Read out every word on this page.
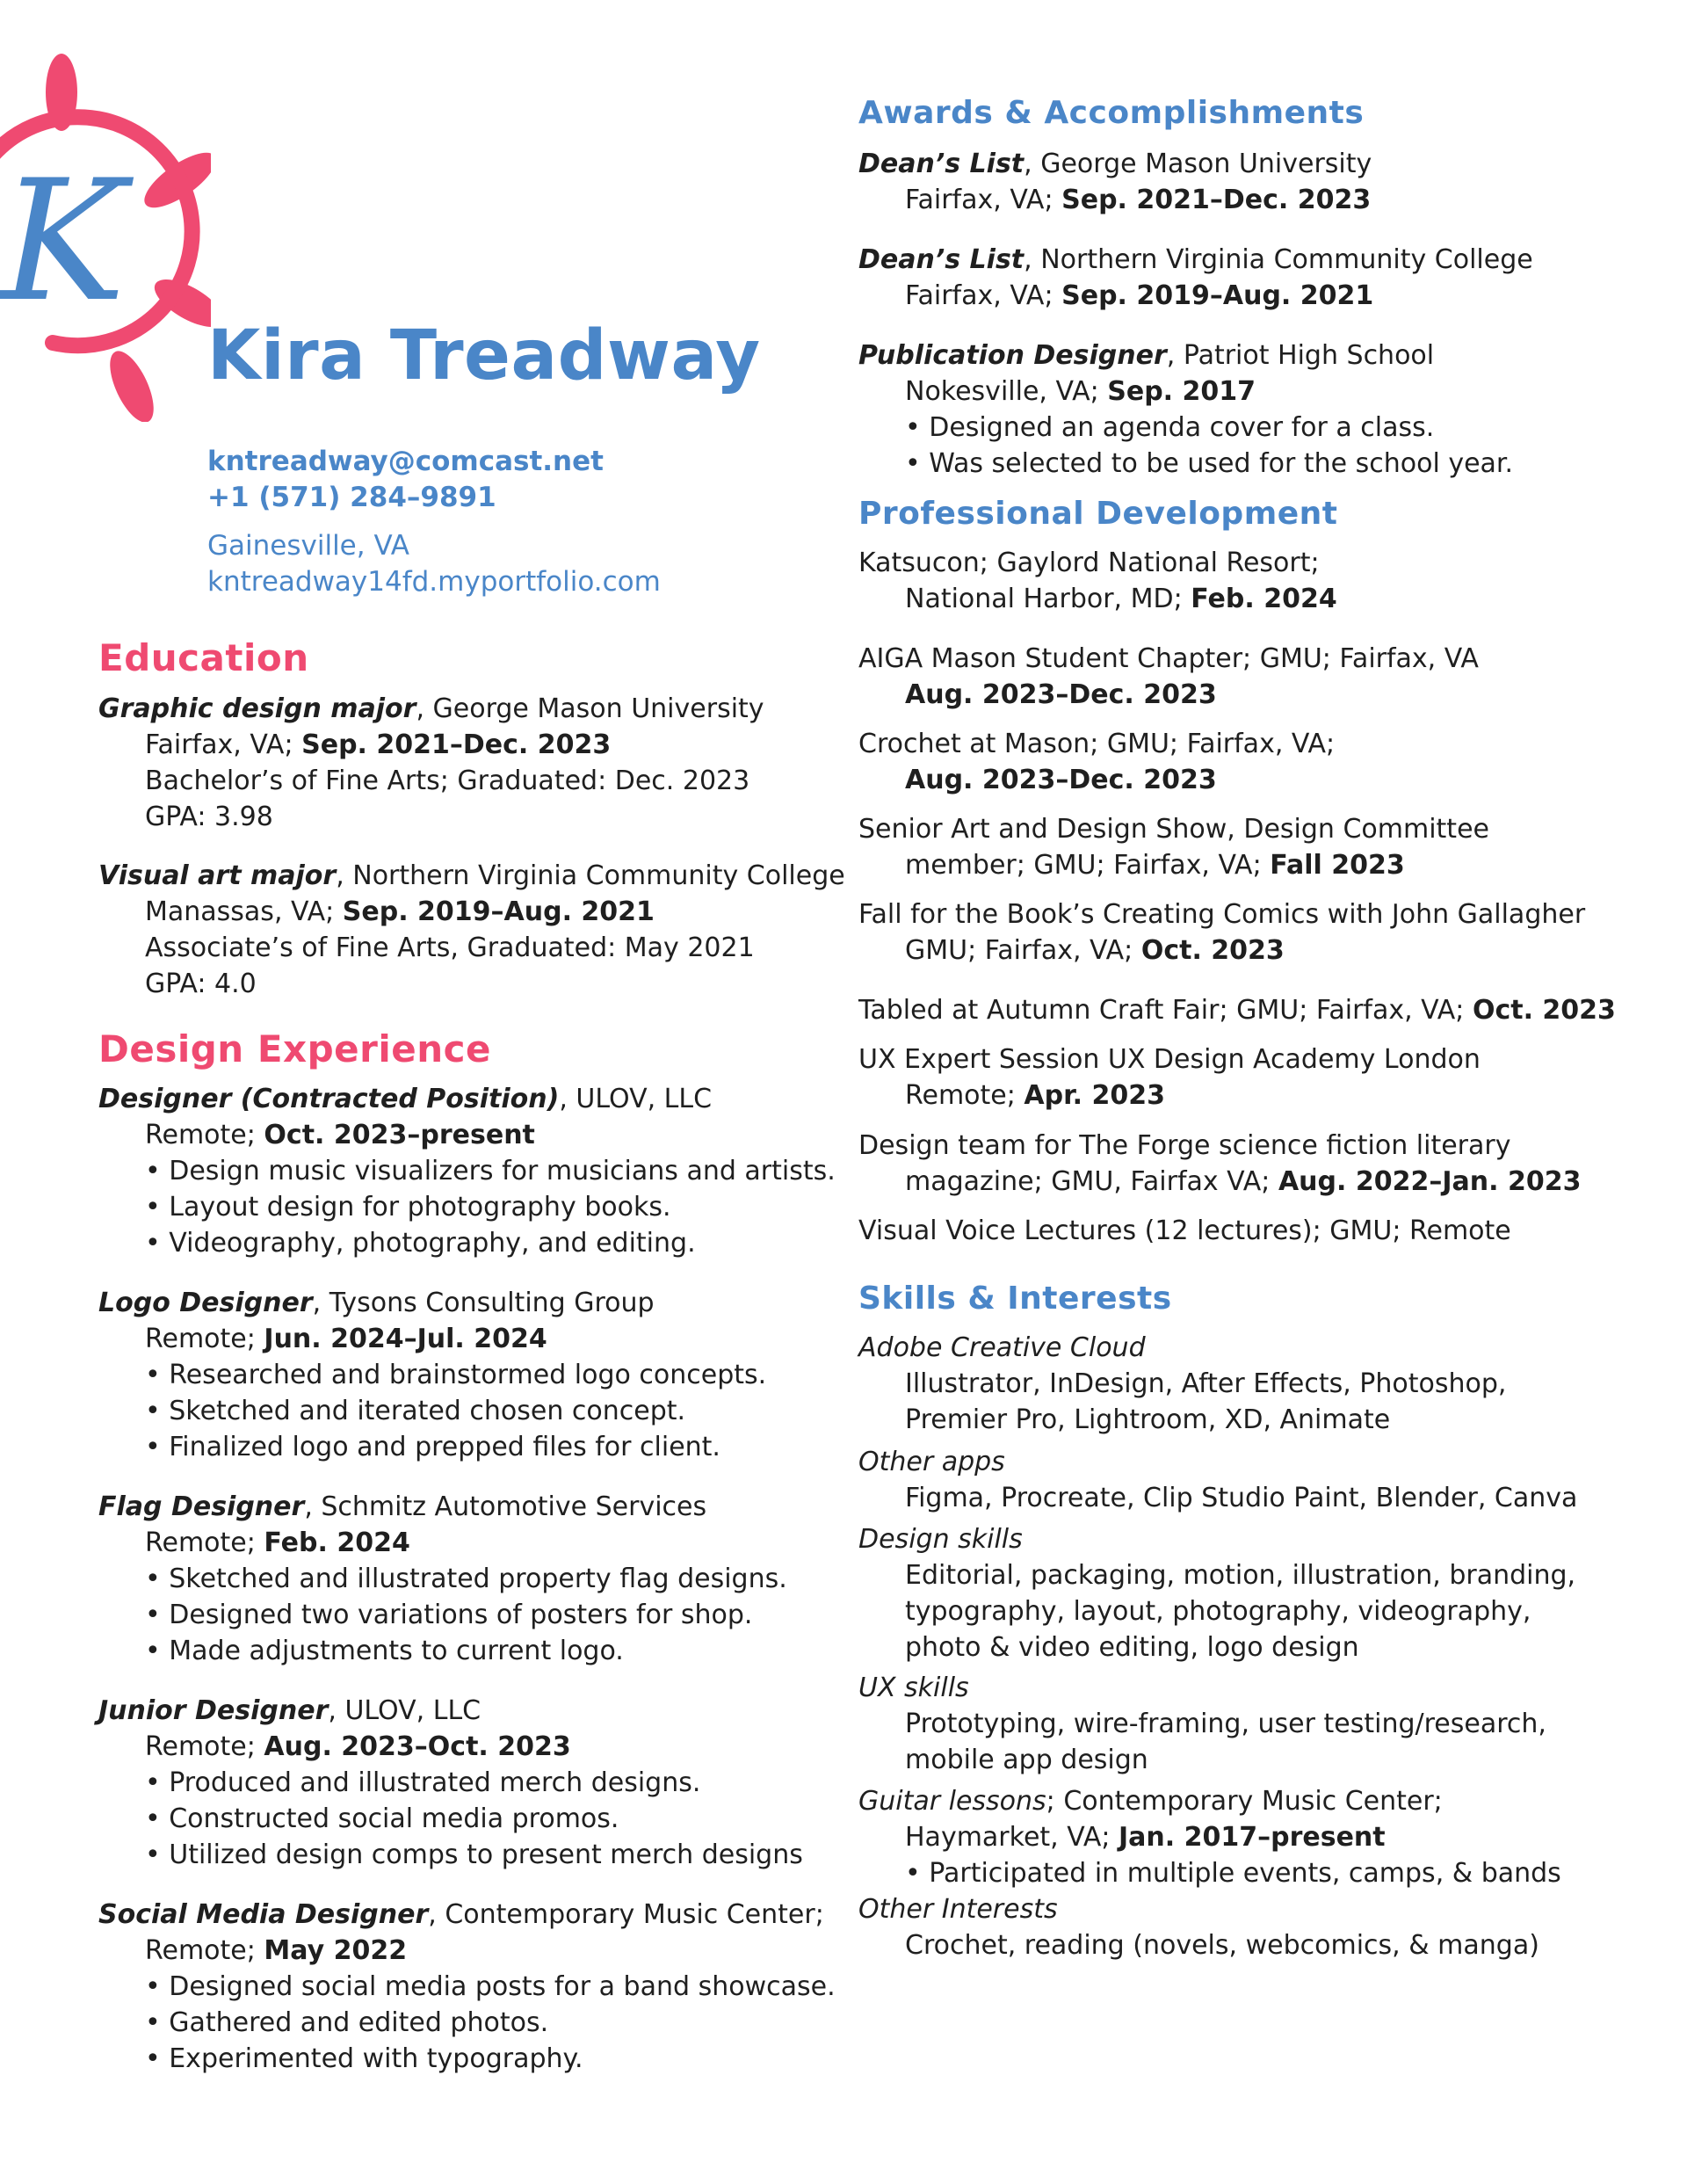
K
Kira Treadway
kntreadway@comcast.net
+1 (571) 284–9891
Gainesville, VA
kntreadway14fd.myportfolio.com
Education
Graphic design major, George Mason University
Fairfax, VA; Sep. 2021–Dec. 2023
Bachelor’s of Fine Arts; Graduated: Dec. 2023
GPA: 3.98
Visual art major, Northern Virginia Community College
Manassas, VA; Sep. 2019–Aug. 2021
Associate’s of Fine Arts, Graduated: May 2021
GPA: 4.0
Design Experience
Designer (Contracted Position), ULOV, LLC
Remote; Oct. 2023–present
• Design music visualizers for musicians and artists.
• Layout design for photography books.
• Videography, photography, and editing.
Logo Designer, Tysons Consulting Group
Remote; Jun. 2024–Jul. 2024
• Researched and brainstormed logo concepts.
• Sketched and iterated chosen concept.
• Finalized logo and prepped files for client.
Flag Designer, Schmitz Automotive Services
Remote; Feb. 2024
• Sketched and illustrated property flag designs.
• Designed two variations of posters for shop.
• Made adjustments to current logo.
Junior Designer, ULOV, LLC
Remote; Aug. 2023–Oct. 2023
• Produced and illustrated merch designs.
• Constructed social media promos.
• Utilized design comps to present merch designs
Social Media Designer, Contemporary Music Center;
Remote; May 2022
• Designed social media posts for a band showcase.
• Gathered and edited photos.
• Experimented with typography.
Awards & Accomplishments
Dean’s List, George Mason University
Fairfax, VA; Sep. 2021–Dec. 2023
Dean’s List, Northern Virginia Community College
Fairfax, VA; Sep. 2019–Aug. 2021
Publication Designer, Patriot High School
Nokesville, VA; Sep. 2017
• Designed an agenda cover for a class.
• Was selected to be used for the school year.
Professional Development
Katsucon; Gaylord National Resort;
National Harbor, MD; Feb. 2024
AIGA Mason Student Chapter; GMU; Fairfax, VA
Aug. 2023–Dec. 2023
Crochet at Mason; GMU; Fairfax, VA;
Aug. 2023–Dec. 2023
Senior Art and Design Show, Design Committee
member; GMU; Fairfax, VA; Fall 2023
Fall for the Book’s Creating Comics with John Gallagher
GMU; Fairfax, VA; Oct. 2023
Tabled at Autumn Craft Fair; GMU; Fairfax, VA; Oct. 2023
UX Expert Session UX Design Academy London
Remote; Apr. 2023
Design team for The Forge science fiction literary
magazine; GMU, Fairfax VA; Aug. 2022–Jan. 2023
Visual Voice Lectures (12 lectures); GMU; Remote
Skills & Interests
Adobe Creative Cloud
Illustrator, InDesign, After Effects, Photoshop,
Premier Pro, Lightroom, XD, Animate
Other apps
Figma, Procreate, Clip Studio Paint, Blender, Canva
Design skills
Editorial, packaging, motion, illustration, branding,
typography, layout, photography, videography,
photo & video editing, logo design
UX skills
Prototyping, wire-framing, user testing/research,
mobile app design
Guitar lessons; Contemporary Music Center;
Haymarket, VA; Jan. 2017–present
• Participated in multiple events, camps, & bands
Other Interests
Crochet, reading (novels, webcomics, & manga)
